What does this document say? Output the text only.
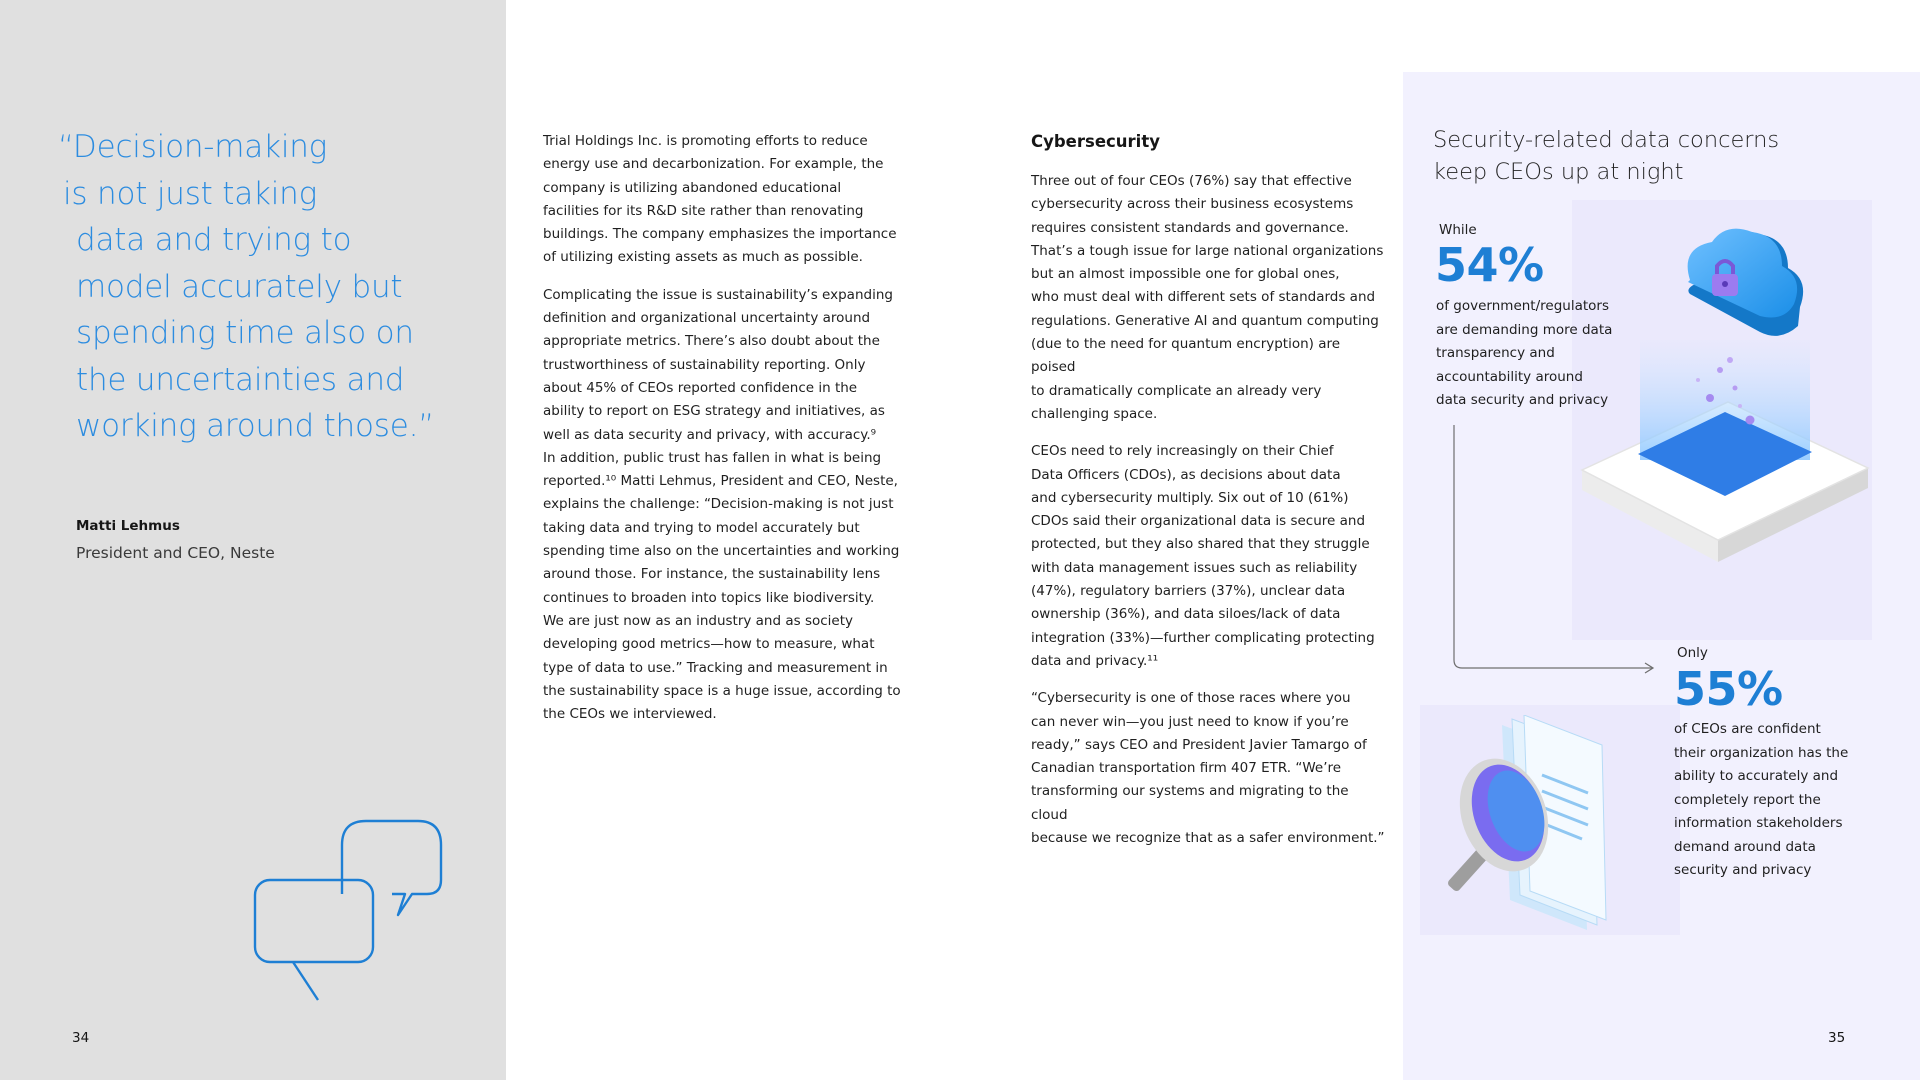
“Decision-making
is not just taking
data and trying to
model accurately but
spending time also on
the uncertainties and
working around those.”
Matti Lehmus
President and CEO, Neste
34

Trial Holdings Inc. is promoting efforts to reduce
energy use and decarbonization. For example, the
company is utilizing abandoned educational
facilities for its R&D site rather than renovating
buildings. The company emphasizes the importance
of utilizing existing assets as much as possible.

Complicating the issue is sustainability’s expanding
definition and organizational uncertainty around
appropriate metrics. There’s also doubt about the
trustworthiness of sustainability reporting. Only
about 45% of CEOs reported confidence in the
ability to report on ESG strategy and initiatives, as
well as data security and privacy, with accuracy.⁹
In addition, public trust has fallen in what is being
reported.¹⁰ Matti Lehmus, President and CEO, Neste,
explains the challenge: “Decision-making is not just
taking data and trying to model accurately but
spending time also on the uncertainties and working
around those. For instance, the sustainability lens
continues to broaden into topics like biodiversity.
We are just now as an industry and as society
developing good metrics—how to measure, what
type of data to use.” Tracking and measurement in
the sustainability space is a huge issue, according to
the CEOs we interviewed.

Cybersecurity

Three out of four CEOs (76%) say that effective
cybersecurity across their business ecosystems
requires consistent standards and governance.
That’s a tough issue for large national organizations
but an almost impossible one for global ones,
who must deal with different sets of standards and
regulations. Generative AI and quantum computing
(due to the need for quantum encryption) are poised
to dramatically complicate an already very
challenging space.

CEOs need to rely increasingly on their Chief
Data Officers (CDOs), as decisions about data
and cybersecurity multiply. Six out of 10 (61%)
CDOs said their organizational data is secure and
protected, but they also shared that they struggle
with data management issues such as reliability
(47%), regulatory barriers (37%), unclear data
ownership (36%), and data siloes/lack of data
integration (33%)—further complicating protecting
data and privacy.¹¹

“Cybersecurity is one of those races where you
can never win—you just need to know if you’re
ready,” says CEO and President Javier Tamargo of
Canadian transportation firm 407 ETR. “We’re
transforming our systems and migrating to the cloud
because we recognize that as a safer environment.”

Security-related data concerns
keep CEOs up at night
While
54%
of government/regulators
are demanding more data
transparency and
accountability around
data security and privacy
Only
55%
of CEOs are confident
their organization has the
ability to accurately and
completely report the
information stakeholders
demand around data
security and privacy
35
